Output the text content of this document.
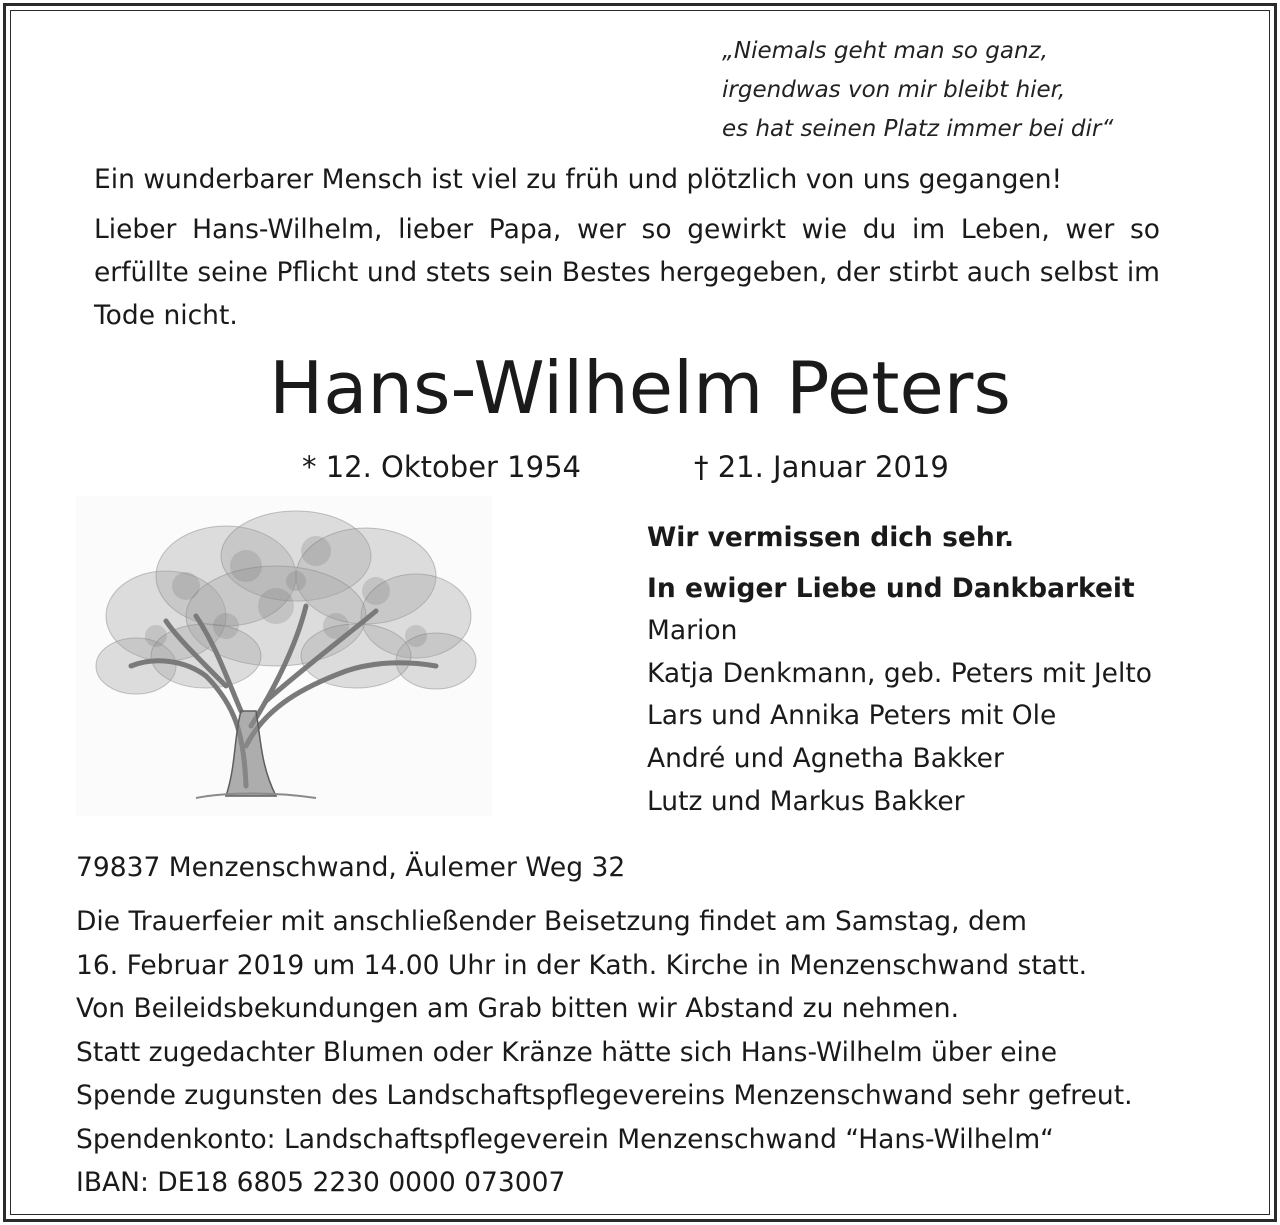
„Niemals geht man so ganz,
irgendwas von mir bleibt hier,
es hat seinen Platz immer bei dir“
Ein wunderbarer Mensch ist viel zu früh und plötzlich von uns gegangen!
Lieber Hans-Wilhelm, lieber Papa, wer so gewirkt wie du im Leben, wer so erfüllte seine Pflicht und stets sein Bestes hergegeben, der stirbt auch selbst im Tode nicht.
Hans-Wilhelm Peters
* 12. Oktober 1954	† 21. Januar 2019
Wir vermissen dich sehr.
In ewiger Liebe und Dankbarkeit
Marion
Katja Denkmann, geb. Peters mit Jelto
Lars und Annika Peters mit Ole
André und Agnetha Bakker
Lutz und Markus Bakker
79837 Menzenschwand, Äulemer Weg 32
Die Trauerfeier mit anschließender Beisetzung findet am Samstag, dem
16. Februar 2019 um 14.00 Uhr in der Kath. Kirche in Menzenschwand statt.
Von Beileidsbekundungen am Grab bitten wir Abstand zu nehmen.
Statt zugedachter Blumen oder Kränze hätte sich Hans-Wilhelm über eine
Spende zugunsten des Landschaftspflegevereins Menzenschwand sehr gefreut.
Spendenkonto: Landschaftspflegeverein Menzenschwand “Hans-Wilhelm“
IBAN: DE18 6805 2230 0000 073007
